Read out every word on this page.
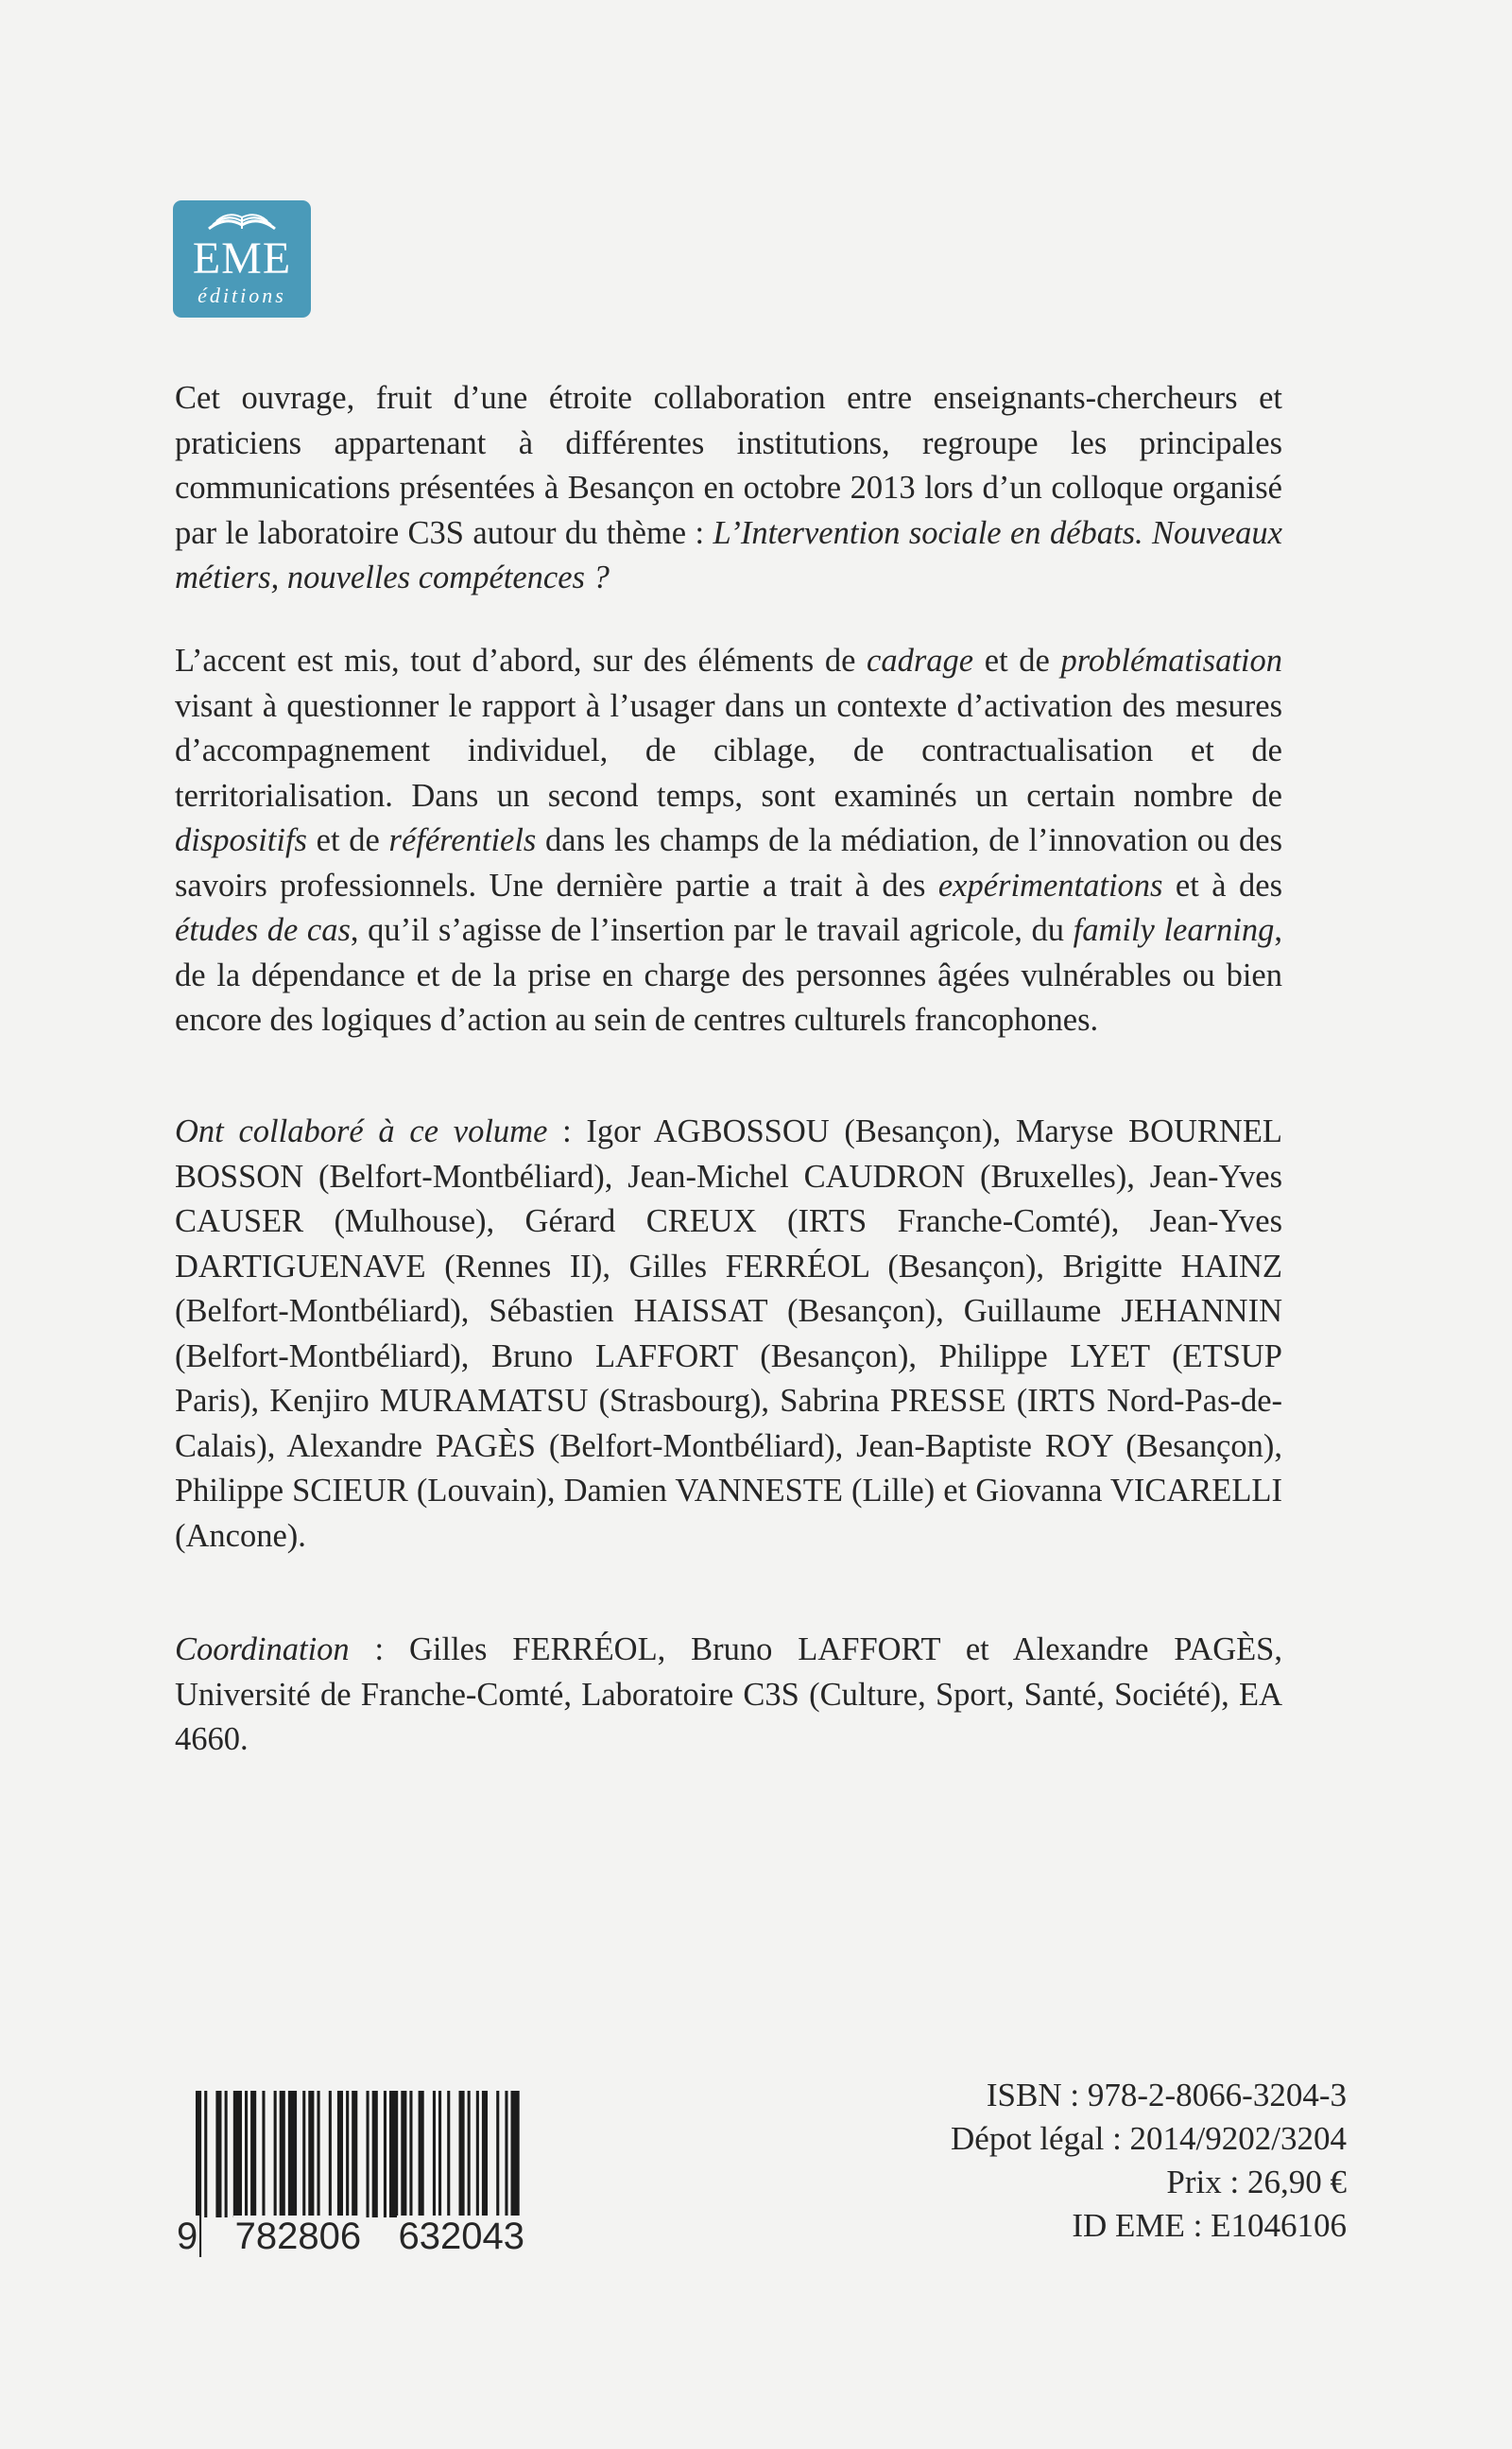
EME
éditions

Cet ouvrage, fruit d’une étroite collaboration entre enseignants-chercheurs et praticiens appartenant à différentes institutions, regroupe les principales communications présentées à Besançon en octobre 2013 lors d’un colloque organisé par le laboratoire C3S autour du thème : L’Intervention sociale en débats. Nouveaux métiers, nouvelles compétences ?

L’accent est mis, tout d’abord, sur des éléments de cadrage et de problématisation visant à questionner le rapport à l’usager dans un contexte d’activation des mesures d’accompagnement individuel, de ciblage, de contractualisation et de territorialisation. Dans un second temps, sont examinés un certain nombre de dispositifs et de référentiels dans les champs de la médiation, de l’innovation ou des savoirs professionnels. Une dernière partie a trait à des expérimentations et à des études de cas, qu’il s’agisse de l’insertion par le travail agricole, du family learning, de la dépendance et de la prise en charge des personnes âgées vulnérables ou bien encore des logiques d’action au sein de centres culturels francophones.

Ont collaboré à ce volume : Igor AGBOSSOU (Besançon), Maryse BOURNEL BOSSON (Belfort-Montbéliard), Jean-Michel CAUDRON (Bruxelles), Jean-Yves CAUSER (Mulhouse), Gérard CREUX (IRTS Franche-Comté), Jean-Yves DARTIGUENAVE (Rennes II), Gilles FERRÉOL (Besançon), Brigitte HAINZ (Belfort-Montbéliard), Sébastien HAISSAT (Besançon), Guillaume JEHANNIN (Belfort-Montbéliard), Bruno LAFFORT (Besançon), Philippe LYET (ETSUP Paris), Kenjiro MURAMATSU (Strasbourg), Sabrina PRESSE (IRTS Nord-Pas-de-Calais), Alexandre PAGÈS (Belfort-Montbéliard), Jean-Baptiste ROY (Besançon), Philippe SCIEUR (Louvain), Damien VANNESTE (Lille) et Giovanna VICARELLI (Ancone).

Coordination : Gilles FERRÉOL, Bruno LAFFORT et Alexandre PAGÈS, Université de Franche-Comté, Laboratoire C3S (Culture, Sport, Santé, Société), EA 4660.

9 782806 632043
ISBN : 978-2-8066-3204-3
Dépot légal : 2014/9202/3204
Prix : 26,90 €
ID EME : E1046106
